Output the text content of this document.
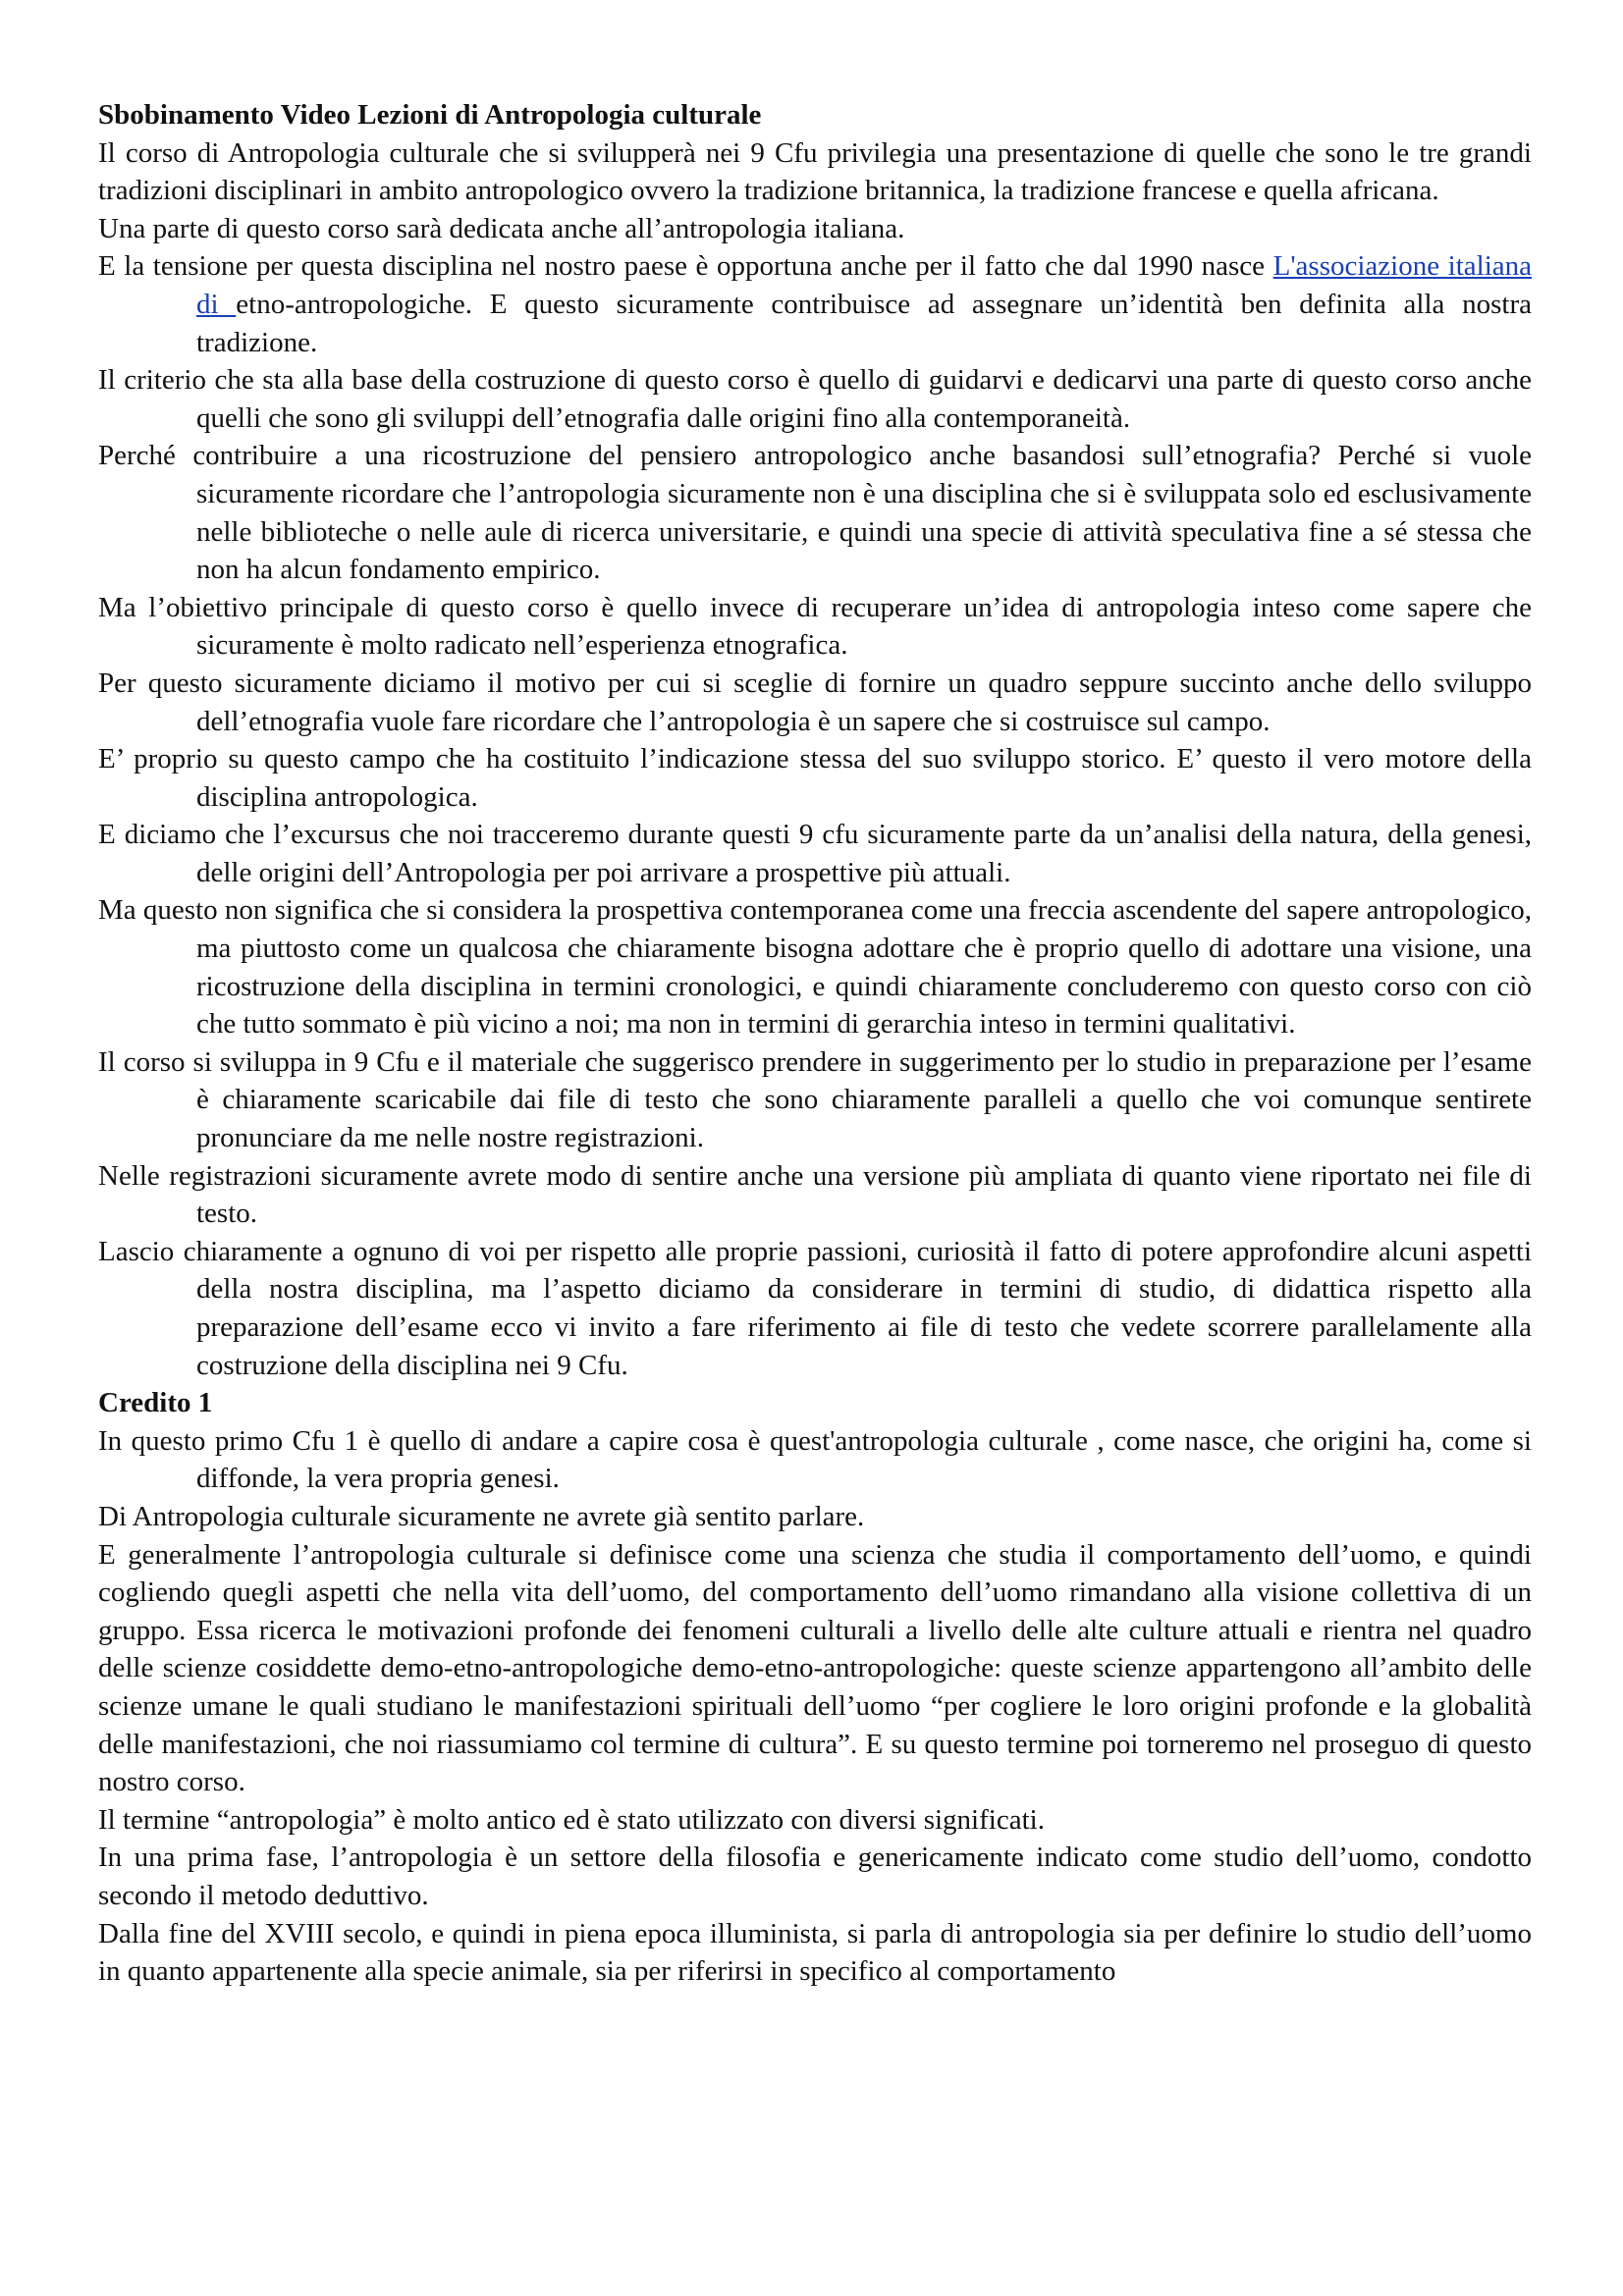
Sbobinamento Video Lezioni di Antropologia culturale

Il corso di Antropologia culturale che si svilupperà nei 9 Cfu privilegia una presentazione di quelle che sono le tre grandi tradizioni disciplinari in ambito antropologico ovvero la tradizione britannica, la tradizione francese e quella africana.

Una parte di questo corso sarà dedicata anche all’antropologia italiana.

E la tensione per questa disciplina nel nostro paese è opportuna anche per il fatto che dal 1990 nasce L'associazione italiana di etno-antropologiche. E questo sicuramente contribuisce ad assegnare un’identità ben definita alla nostra tradizione.

Il criterio che sta alla base della costruzione di questo corso è quello di guidarvi e dedicarvi una parte di questo corso anche quelli che sono gli sviluppi dell’etnografia dalle origini fino alla contemporaneità.

Perché contribuire a una ricostruzione del pensiero antropologico anche basandosi sull’etnografia? Perché si vuole sicuramente ricordare che l’antropologia sicuramente non è una disciplina che si è sviluppata solo ed esclusivamente nelle biblioteche o nelle aule di ricerca universitarie, e quindi una specie di attività speculativa fine a sé stessa che non ha alcun fondamento empirico.

Ma l’obiettivo principale di questo corso è quello invece di recuperare un’idea di antropologia inteso come sapere che sicuramente è molto radicato nell’esperienza etnografica.

Per questo sicuramente diciamo il motivo per cui si sceglie di fornire un quadro seppure succinto anche dello sviluppo dell’etnografia vuole fare ricordare che l’antropologia è un sapere che si costruisce sul campo.

E’ proprio su questo campo che ha costituito l’indicazione stessa del suo sviluppo storico. E’ questo il vero motore della disciplina antropologica.

E diciamo che l’excursus che noi tracceremo durante questi 9 cfu sicuramente parte da un’analisi della natura, della genesi, delle origini dell’Antropologia per poi arrivare a prospettive più attuali.

Ma questo non significa che si considera la prospettiva contemporanea come una freccia ascendente del sapere antropologico, ma piuttosto come un qualcosa che chiaramente bisogna adottare che è proprio quello di adottare una visione, una ricostruzione della disciplina in termini cronologici, e quindi chiaramente concluderemo con questo corso con ciò che tutto sommato è più vicino a noi; ma non in termini di gerarchia inteso in termini qualitativi.

Il corso si sviluppa in 9 Cfu e il materiale che suggerisco prendere in suggerimento per lo studio in preparazione per l’esame è chiaramente scaricabile dai file di testo che sono chiaramente paralleli a quello che voi comunque sentirete pronunciare da me nelle nostre registrazioni.

Nelle registrazioni sicuramente avrete modo di sentire anche una versione più ampliata di quanto viene riportato nei file di testo.

Lascio chiaramente a ognuno di voi per rispetto alle proprie passioni, curiosità il fatto di potere approfondire alcuni aspetti della nostra disciplina, ma l’aspetto diciamo da considerare in termini di studio, di didattica rispetto alla preparazione dell’esame ecco vi invito a fare riferimento ai file di testo che vedete scorrere parallelamente alla costruzione della disciplina nei 9 Cfu.

Credito 1

In questo primo Cfu 1 è quello di andare a capire cosa è quest'antropologia culturale , come nasce, che origini ha, come si diffonde, la vera propria genesi.

Di Antropologia culturale sicuramente ne avrete già sentito parlare.

E generalmente l’antropologia culturale si definisce come una scienza che studia il comportamento dell’uomo, e quindi cogliendo quegli aspetti che nella vita dell’uomo, del comportamento dell’uomo rimandano alla visione collettiva di un gruppo. Essa ricerca le motivazioni profonde dei fenomeni culturali a livello delle alte culture attuali e rientra nel quadro delle scienze cosiddette demo-etno-antropologiche demo-etno-antropologiche: queste scienze appartengono all’ambito delle scienze umane le quali studiano le manifestazioni spirituali dell’uomo “per cogliere le loro origini profonde e la globalità delle manifestazioni, che noi riassumiamo col termine di cultura”. E su questo termine poi torneremo nel proseguo di questo nostro corso.

Il termine “antropologia” è molto antico ed è stato utilizzato con diversi significati.

In una prima fase, l’antropologia è un settore della filosofia e genericamente indicato come studio dell’uomo, condotto secondo il metodo deduttivo.

Dalla fine del XVIII secolo, e quindi in piena epoca illuminista, si parla di antropologia sia per definire lo studio dell’uomo in quanto appartenente alla specie animale, sia per riferirsi in specifico al comportamento
